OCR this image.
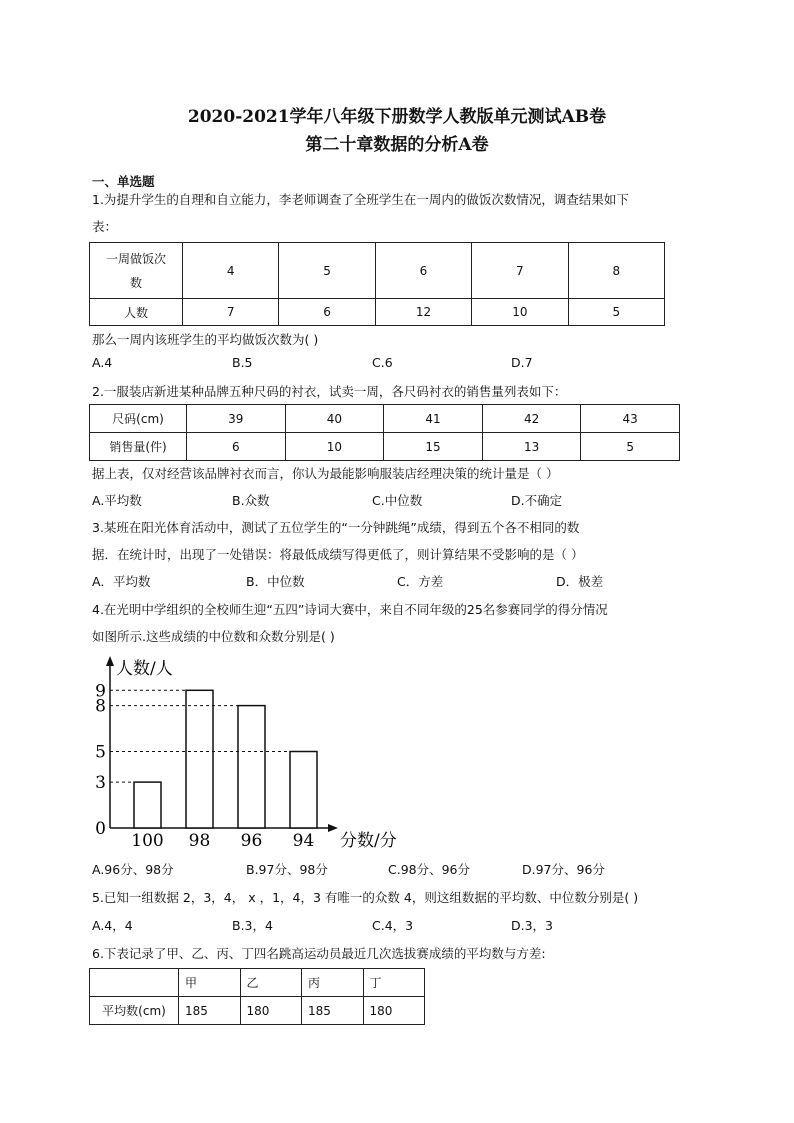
2020-2021学年八年级下册数学人教版单元测试AB卷
第二十章数据的分析A卷
一、单选题
1.为提升学生的自理和自立能力，李老师调查了全班学生在一周内的做饭次数情况，调查结果如下
表：
一周做饭次
数	4	5	6	7	8
人数	7	6	12	10	5
那么一周内该班学生的平均做饭次数为( )
A.4	B.5	C.6	D.7
2.一服装店新进某种品牌五种尺码的衬衣，试卖一周，各尺码衬衣的销售量列表如下：
尺码(cm)	39	40	41	42	43
销售量(件)	6	10	15	13	5
据上表，仅对经营该品牌衬衣而言，你认为最能影响服装店经理决策的统计量是（ ）
A.平均数	B.众数	C.中位数	D.不确定
3.某班在阳光体育活动中，测试了五位学生的“一分钟跳绳”成绩，得到五个各不相同的数
据．在统计时，出现了一处错误：将最低成绩写得更低了，则计算结果不受影响的是（ ）
A．平均数	B．中位数	C．方差	D．极差
4.在光明中学组织的全校师生迎“五四”诗词大赛中，来自不同年级的25名参赛同学的得分情况
如图所示.这些成绩的中位数和众数分别是( )
人数/人
分数/分
100 98 96 94
0
3
5
8
9
A.96分、98分	B.97分、98分	C.98分、96分	D.97分、96分
5.已知一组数据 2，3，4， x ，1，4，3 有唯一的众数 4，则这组数据的平均数、中位数分别是( )
A.4，4	B.3，4	C.4，3	D.3，3
6.下表记录了甲、乙、丙、丁四名跳高运动员最近几次选拔赛成绩的平均数与方差:
	甲	乙	丙	丁
平均数(cm)	185	180	185	180
